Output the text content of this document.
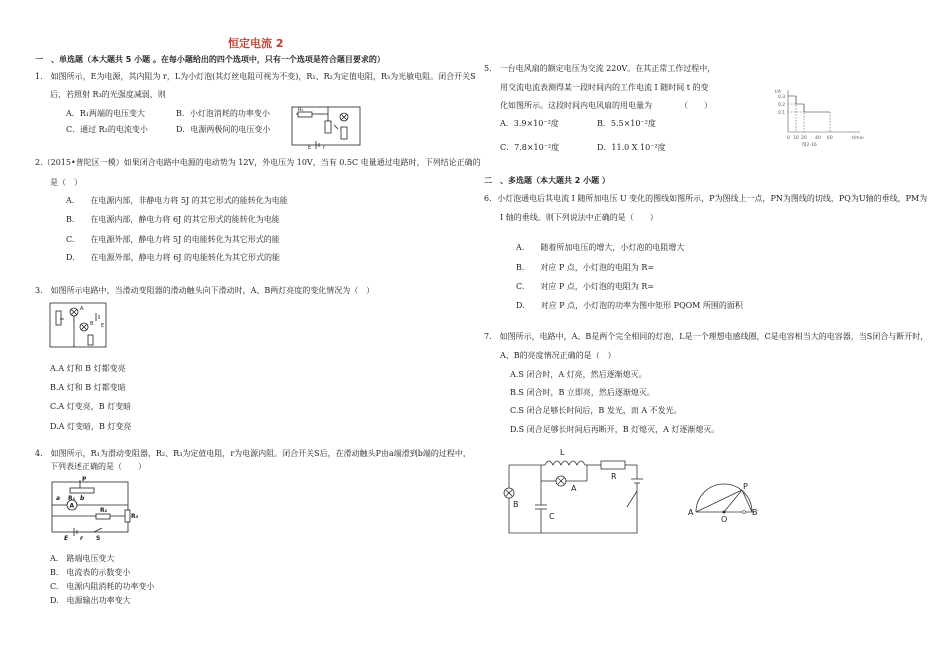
恒定电流 2
一　、单选题（本大题共 5 小题 。在每小题给出的四个选项中，只有一个选项是符合题目要求的）
1.　如图所示，E为电源，其内阻为 r，L为小灯泡(其灯丝电阻可视为不变)，R₁、R₂为定值电阻，R₃为光敏电阻。闭合开关S
后，若照射 R₃的光强度减弱，则
A．R₁两端的电压变大	B．小灯泡消耗的功率变小
C．通过 R₂的电流变小	D．电源两极间的电压变小
R₁
E r
2.（2015•普陀区一模）如果闭合电路中电源的电动势为 12V，外电压为 10V，当有 0.5C 电量通过电路时，下列结论正确的
是（　）
A.　　在电源内部，非静电力将 5J 的其它形式的能转化为电能
B.　　在电源内部，静电力将 6J 的其它形式的能转化为电能
C.　　在电源外部，静电力将 5J 的电能转化为其它形式的能
D.　　在电源外部，静电力将 6J 的电能转化为其它形式的能
3.　如图所示电路中，当滑动变阻器的滑动触头向下滑动时，A、B两灯亮度的变化情况为（　）
A
B E
A.A 灯和 B 灯都变亮
B.A 灯和 B 灯都变暗
C.A 灯变亮，B 灯变暗
D.A 灯变暗，B 灯变亮
4.　如图所示，R₁为滑动变阻器，R₂、R₃为定值电阻，r为电源内阻。闭合开关S后，在滑动触头P由a端滑到b端的过程中，
下列表述正确的是（　　）
P
a R₁ b
A
R₂
R₃
E r S
A.　路端电压变大
B.　电流表的示数变小
C.　电源内阻消耗的功率变小
D.　电源输出功率变大
5.　一台电风扇的额定电压为交流 220V。在其正常工作过程中，
用交流电流表测得某一段时间内的工作电流 I 随时间 t 的变
化如图所示。这段时间内电风扇的用电量为　　　　（　　）
A．3.9×10⁻²度	B．5.5×10⁻²度
C．7.8×10⁻²度	D．11.0 X 10⁻²度
I/A
t/min
0.3
0.2
0.1
0 10 20 40 60
图2-16
二　、多选题（本大题共 2 小题 ）
6．小灯泡通电后其电流 I 随所加电压 U 变化的图线如图所示，P为图线上一点，PN为图线的切线，PQ为U轴的垂线，PM为
I 轴的垂线。则下列说法中正确的是（　　）
A.　　随着所加电压的增大，小灯泡的电阻增大
B.　　对应 P 点，小灯泡的电阻为 R=
C.　　对应 P 点，小灯泡的电阻为 R=
D.　　对应 P 点，小灯泡的功率为图中矩形 PQOM 所围的面积
7.　如图所示，电路中，A、B是两个完全相同的灯泡，L是一个理想电感线圈，C是电容相当大的电容器，当S闭合与断开时，
A、B的亮度情况正确的是（　）
A.S 闭合时，A 灯亮，然后逐渐熄灭。
B.S 闭合时，B 立即亮，然后逐渐熄灭。
C.S 闭合足够长时间后，B 发光，而 A 不发光。
D.S 闭合足够长时间后再断开，B 灯熄灭，A 灯逐渐熄灭。
L
R
A
B
C	A
O
B
P
